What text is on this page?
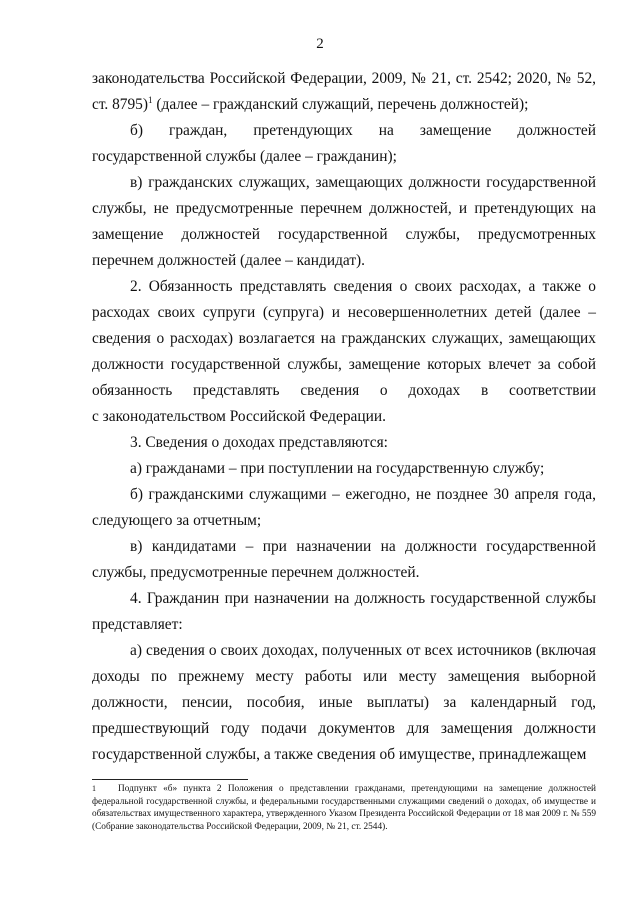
2

законодательства Российской Федерации, 2009, № 21, ст. 2542; 2020, № 52, ст. 8795)$^1$ (далее – гражданский служащий, перечень должностей);

б) граждан, претендующих на замещение должностей государственной службы (далее – гражданин);

в) гражданских служащих, замещающих должности государственной службы, не предусмотренные перечнем должностей, и претендующих на замещение должностей государственной службы, предусмотренных перечнем должностей (далее – кандидат).

2. Обязанность представлять сведения о своих расходах, а также о расходах своих супруги (супруга) и несовершеннолетних детей (далее – сведения о расходах) возлагается на гражданских служащих, замещающих должности государственной службы, замещение которых влечет за собой обязанность представлять сведения о доходах в соответствии

с законодательством Российской Федерации.

3. Сведения о доходах представляются:

а) гражданами – при поступлении на государственную службу;

б) гражданскими служащими – ежегодно, не позднее 30 апреля года, следующего за отчетным;

в) кандидатами – при назначении на должности государственной службы, предусмотренные перечнем должностей.

4. Гражданин при назначении на должность государственной службы представляет:

а) сведения о своих доходах, полученных от всех источников (включая доходы по прежнему месту работы или месту замещения выборной должности, пенсии, пособия, иные выплаты) за календарный год, предшествующий году подачи документов для замещения должности государственной службы, а также сведения об имуществе, принадлежащем

1 Подпункт «б» пункта 2 Положения о представлении гражданами, претендующими на замещение должностей федеральной государственной службы, и федеральными государственными служащими сведений о доходах, об имуществе и обязательствах имущественного характера, утвержденного Указом Президента Российской Федерации от 18 мая 2009 г. № 559 (Собрание законодательства Российской Федерации, 2009, № 21, ст. 2544).
